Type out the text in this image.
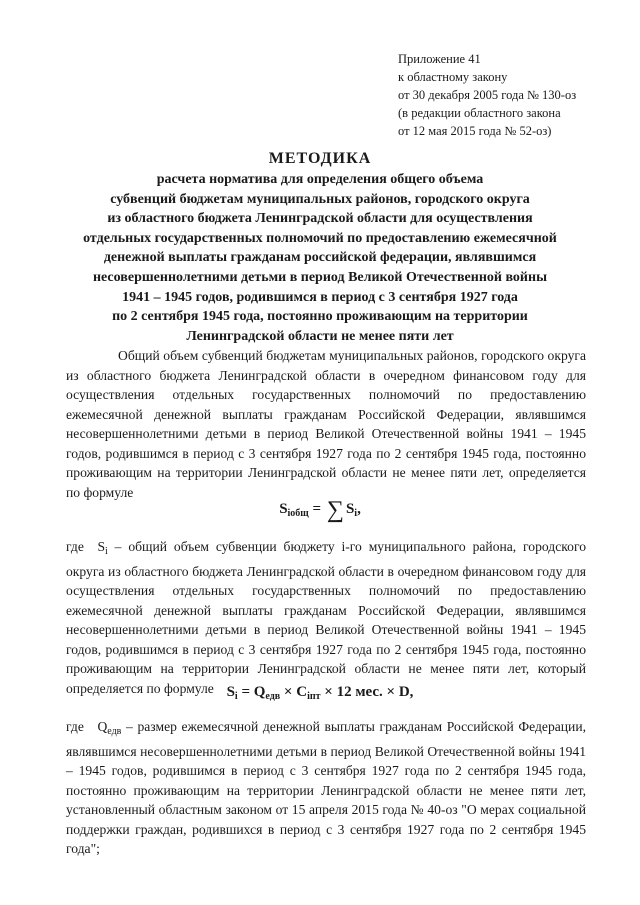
Приложение 41
к областному закону
от 30 декабря 2005 года № 130-оз
(в редакции областного закона
от 12 мая 2015 года № 52-оз)
МЕТОДИКА
расчета норматива для определения общего объема
субвенций бюджетам муниципальных районов, городского округа
из областного бюджета Ленинградской области для осуществления
отдельных государственных полномочий по предоставлению ежемесячной
денежной выплаты гражданам российской федерации, являвшимся
несовершеннолетними детьми в период Великой Отечественной войны
1941 – 1945 годов, родившимся в период с 3 сентября 1927 года
по 2 сентября 1945 года, постоянно проживающим на территории
Ленинградской области не менее пяти лет
Общий объем субвенций бюджетам муниципальных районов, городского округа из областного бюджета Ленинградской области в очередном финансовом году для осуществления отдельных государственных полномочий по предоставлению ежемесячной денежной выплаты гражданам Российской Федерации, являвшимся несовершеннолетними детьми в период Великой Отечественной войны 1941 – 1945 годов, родившимся в период с 3 сентября 1927 года по 2 сентября 1945 года, постоянно проживающим на территории Ленинградской области не менее пяти лет, определяется по формуле
$S_{iобщ}$ = ∑ $S_i$,
где  $S_i$ – общий объем субвенции бюджету i-го муниципального района, городского округа из областного бюджета Ленинградской области в очередном финансовом году для осуществления отдельных государственных полномочий по предоставлению ежемесячной денежной выплаты гражданам Российской Федерации, являвшимся несовершеннолетними детьми в период Великой Отечественной войны 1941 – 1945 годов, родившимся в период с 3 сентября 1927 года по 2 сентября 1945 года, постоянно проживающим на территории Ленинградской области не менее пяти лет, который определяется по формуле $S_i = Q_{едв} \times C_{іпт} \times 12$ мес. × D,
где  $Q_{едв}$ – размер ежемесячной денежной выплаты гражданам Российской Федерации, являвшимся несовершеннолетними детьми в период Великой Отечественной войны 1941 – 1945 годов, родившимся в период с 3 сентября 1927 года по 2 сентября 1945 года, постоянно проживающим на территории Ленинградской области не менее пяти лет, установленный областным законом от 15 апреля 2015 года № 40-оз "О мерах социальной поддержки граждан, родившихся в период с 3 сентября 1927 года по 2 сентября 1945 года";
